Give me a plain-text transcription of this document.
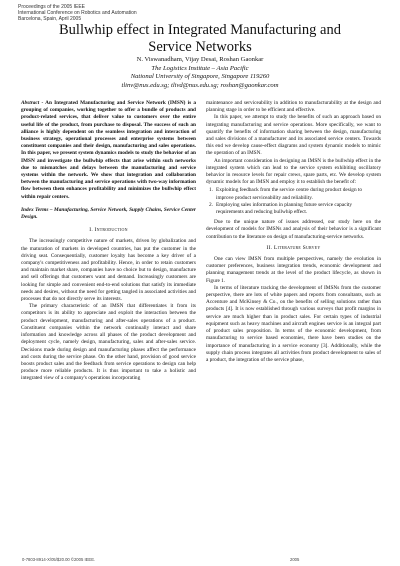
Proceedings of the 2005 IEEE
International Conference on Robotics and Automation
Barcelona, Spain, April 2005
Bullwhip effect in Integrated Manufacturing and
Service Networks
N. Viswanadham, Vijay Desai, Roshan Gaonkar
The Logistics Institute – Asia Pacific
National University of Singapore, Singapore 119260
tlinv@nus.edu.sg; tlivd@nus.edu.sg; roshan@gaonkar.com
Abstract - An Integrated Manufacturing and Service Network (IMSN) is a grouping of companies, working together to offer a bundle of products and product-related services, that deliver value to customers over the entire useful life of the product, from purchase to disposal. The success of such an alliance is highly dependent on the seamless integration and interaction of business strategy, operational processes and enterprise systems between constituent companies and their design, manufacturing and sales operations. In this paper, we present system dynamics models to study the behavior of an IMSN and investigate the bullwhip effects that arise within such networks due to mismatches and delays between the manufacturing and service systems within the network. We show that integration and collaboration between the manufacturing and service operations with two-way information flow between them enhances profitability and minimizes the bullwhip effect within repair centers.
Index Terms – Manufacturing, Service Network, Supply Chains, Service Center Design.
I. Introduction

The increasingly competitive nature of markets, driven by globalization and the maturation of markets in developed countries, has put the customer in the driving seat. Consequentially, customer loyalty has become a key driver of a company's competitiveness and profitability. Hence, in order to retain customers and maintain market share, companies have no choice but to design, manufacture and sell offerings that customers want and demand. Increasingly customers are looking for simple and convenient end-to-end solutions that satisfy its immediate needs and desires, without the need for getting tangled in associated activities and processes that do not directly serve its interests.

The primary characteristic of an IMSN that differentiates it from its competitors is its ability to appreciate and exploit the interaction between the product development, manufacturing and after-sales operations of a product. Constituent companies within the network continually interact and share information and knowledge across all phases of the product development and deployment cycle, namely design, manufacturing, sales and after-sales service. Decisions made during design and manufacturing phases affect the performance and costs during the service phase. On the other hand, provision of good service boosts product sales and the feedback from service operations to design can help produce more reliable products. It is thus important to take a holistic and integrated view of a company's operations incorporating

maintenance and serviceability in addition to manufacturability at the design and planning stage in order to be efficient and effective.

In this paper, we attempt to study the benefits of such an approach based on integrating manufacturing and service operations. More specifically, we want to quantify the benefits of information sharing between the design, manufacturing and sales divisions of a manufacturer and its associated service centers. Towards this end we develop cause-effect diagrams and system dynamic models to mimic the operation of an IMSN.

An important consideration in designing an IMSN is the bullwhip effect in the integrated system which can lead to the service system exhibiting oscillatory behavior in resource levels for repair crews, spare parts, etc. We develop system dynamic models for an IMSN and employ it to establish the benefit of:

1. Exploiting feedback from the service centre during product design to improve product serviceability and reliability.
2. Employing sales information in planning future service capacity requirements and reducing bullwhip effect.

Due to the unique nature of issues addressed, our study here on the development of models for IMSNs and analysis of their behavior is a significant contribution to the literature on design of manufacturing-service networks.

II. Literature Survey

One can view IMSN from multiple perspectives, namely the evolution in customer preferences, business integration trends, economic development and planning management trends at the level of the product lifecycle, as shown in Figure 1.

In terms of literature tracking the development of IMSNs from the customer perspective, there are lots of white papers and reports from consultants, such as Accenture and McKinsey & Co., on the benefits of selling solutions rather than products [4]. It is now established through various surveys that profit margins in service are much higher than in product sales. For certain types of industrial equipment such as heavy machines and aircraft engines service is an integral part of product sales proposition. In terms of the economic development, from manufacturing to service based economies, there have been studies on the importance of manufacturing in a service economy [3]. Additionally, while the supply chain process integrates all activities from product development to sales of a product, the integration of the service phase,

0-7803-8914-X/05/$20.00 ©2005 IEEE.	2005
